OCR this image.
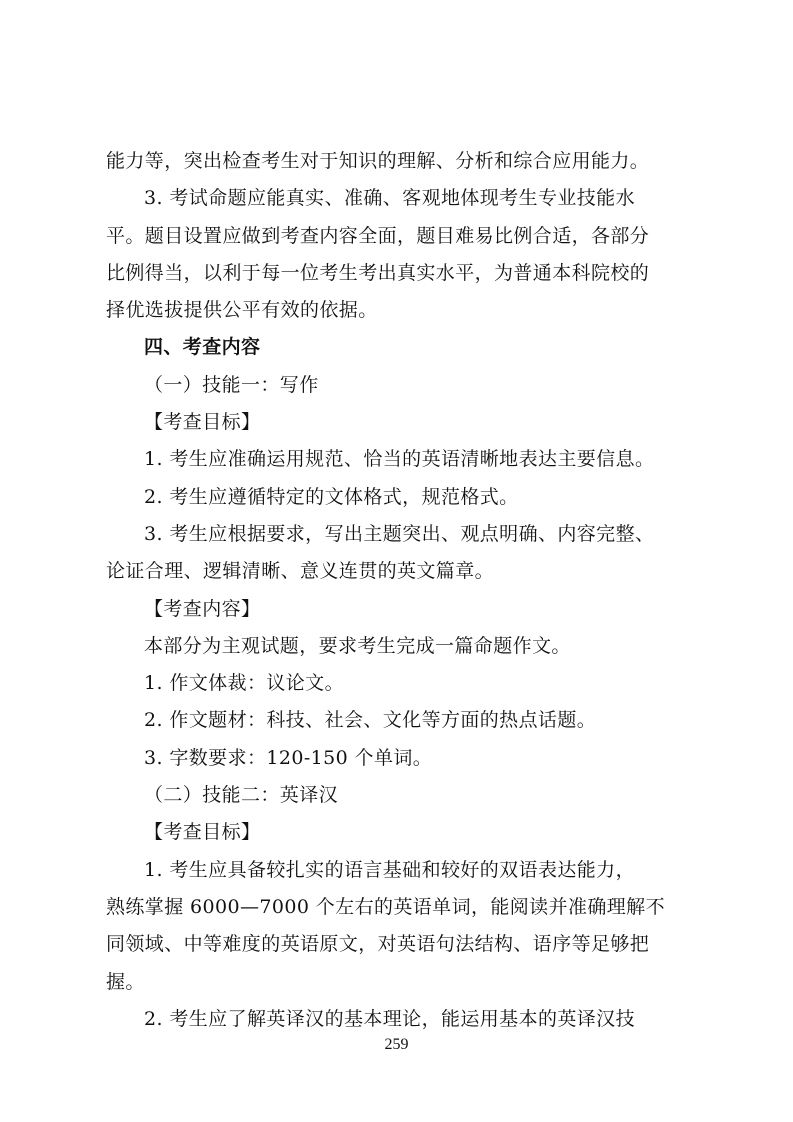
能力等，突出检查考生对于知识的理解、分析和综合应用能力。
3. 考试命题应能真实、准确、客观地体现考生专业技能水
平。题目设置应做到考查内容全面，题目难易比例合适，各部分
比例得当，以利于每一位考生考出真实水平，为普通本科院校的
择优选拔提供公平有效的依据。
四、考查内容
（一）技能一：写作
【考查目标】
1. 考生应准确运用规范、恰当的英语清晰地表达主要信息。
2. 考生应遵循特定的文体格式，规范格式。
3. 考生应根据要求，写出主题突出、观点明确、内容完整、
论证合理、逻辑清晰、意义连贯的英文篇章。
【考查内容】
本部分为主观试题，要求考生完成一篇命题作文。
1. 作文体裁：议论文。
2. 作文题材：科技、社会、文化等方面的热点话题。
3. 字数要求：120-150 个单词。
（二）技能二：英译汉
【考查目标】
1. 考生应具备较扎实的语言基础和较好的双语表达能力，
熟练掌握 6000—7000 个左右的英语单词，能阅读并准确理解不
同领域、中等难度的英语原文，对英语句法结构、语序等足够把
握。
2. 考生应了解英译汉的基本理论，能运用基本的英译汉技
259
